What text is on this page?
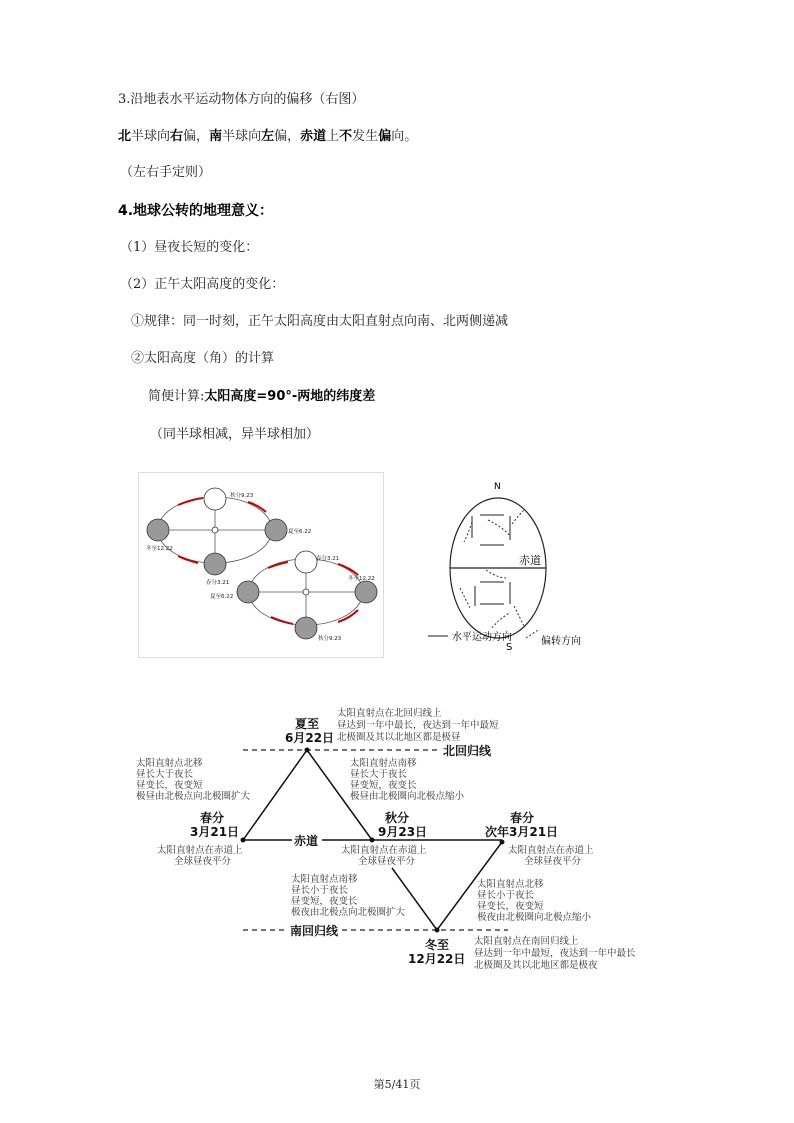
3.沿地表水平运动物体方向的偏移（右图）
北半球向右偏，南半球向左偏，赤道上不发生偏向。
（左右手定则）
4.地球公转的地理意义：
（1）昼夜长短的变化：
（2）正午太阳高度的变化：
①规律：同一时刻，正午太阳高度由太阳直射点向南、北两侧递减
②太阳高度（角）的计算
简便计算:太阳高度=90°-两地的纬度差
（同半球相减，异半球相加）
秋分9.23
夏至6.22
冬至12.22
春分3.21
春分3.21
冬至12.22
夏至6.22
秋分9.23
N
S
赤道
水平运动方向	偏转方向
北回归线
南回归线
赤道
夏至
6月22日
太阳直射点在北回归线上
昼达到一年中最长，夜达到一年中最短
北极圈及其以北地区都是极昼
春分
3月21日
太阳直射点在赤道上
全球昼夜平分
秋分
9月23日
太阳直射点在赤道上
全球昼夜平分
春分
次年3月21日
太阳直射点在赤道上
全球昼夜平分
冬至
12月22日
太阳直射点在南回归线上
昼达到一年中最短，夜达到一年中最长
北极圈及其以北地区都是极夜
太阳直射点北移
昼长大于夜长
昼变长，夜变短
极昼由北极点向北极圈扩大
太阳直射点南移
昼长大于夜长
昼变短，夜变长
极昼由北极圈向北极点缩小
太阳直射点南移
昼长小于夜长
昼变短，夜变长
极夜由北极点向北极圈扩大
太阳直射点北移
昼长小于夜长
昼变长，夜变短
极夜由北极圈向北极点缩小
第5/41页
